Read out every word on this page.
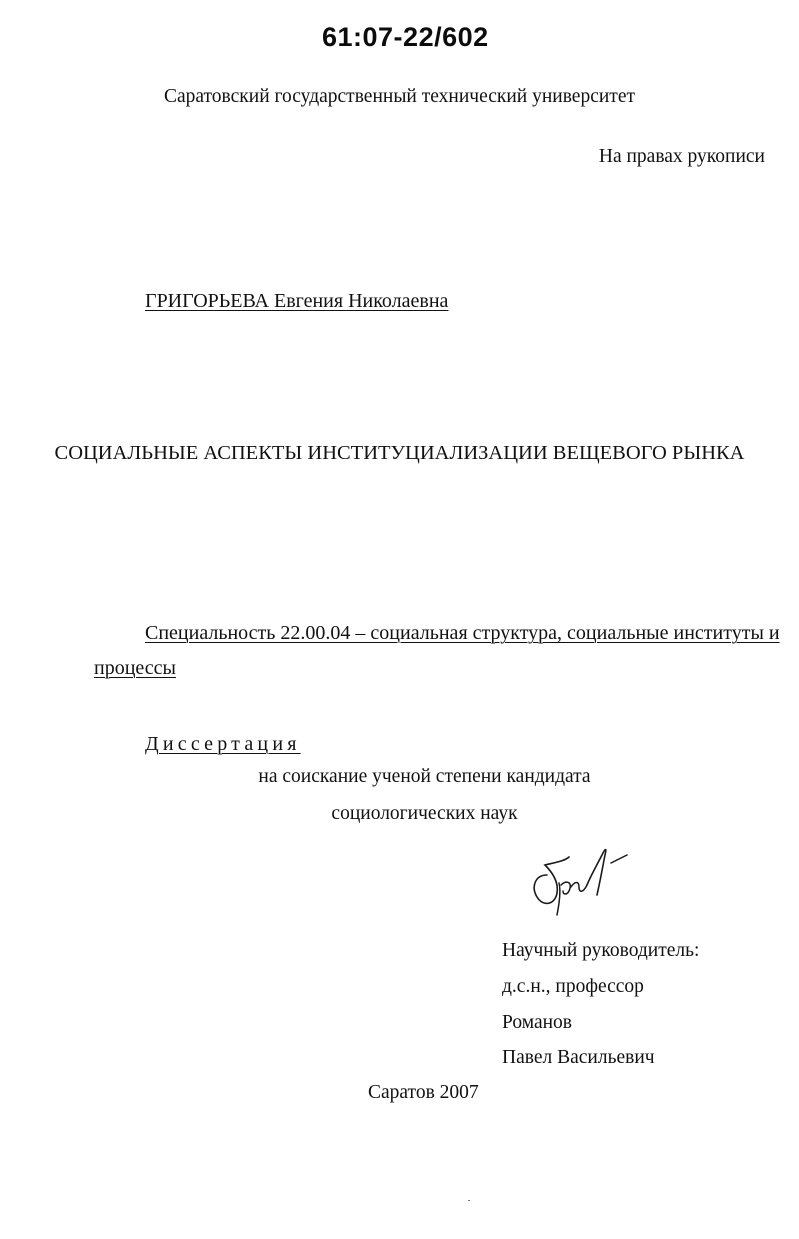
61:07-22/602
Саратовский государственный технический университет
На правах рукописи
ГРИГОРЬЕВА Евгения Николаевна
СОЦИАЛЬНЫЕ АСПЕКТЫ ИНСТИТУЦИАЛИЗАЦИИ ВЕЩЕВОГО РЫНКА
Специальность 22.00.04 – социальная структура, социальные институты и
процессы
Диссертация
на соискание ученой степени кандидата
социологических наук
Научный руководитель:
д.с.н., профессор
Романов
Павел Васильевич
Саратов 2007
